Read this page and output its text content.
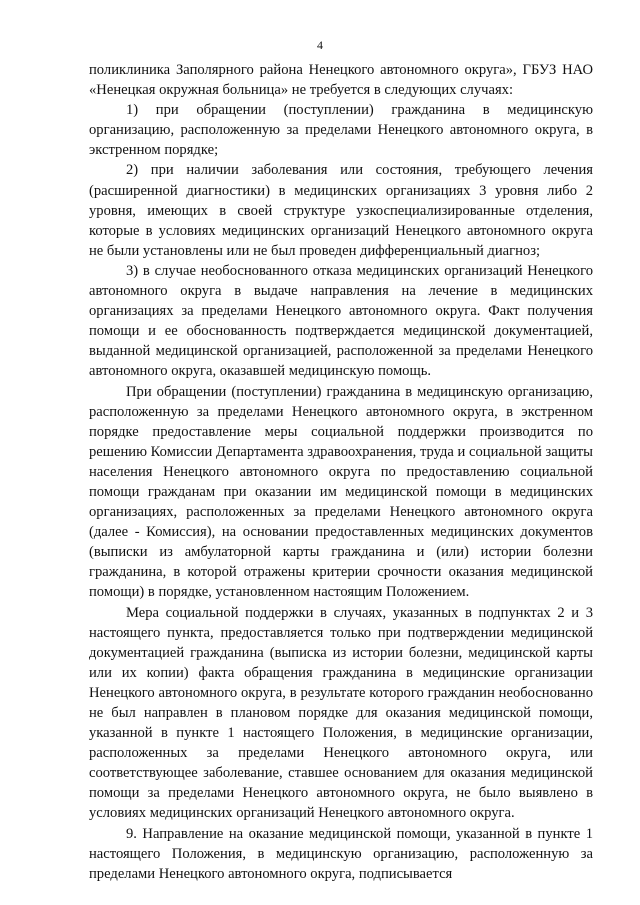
4

поликлиника Заполярного района Ненецкого автономного округа», ГБУЗ НАО «Ненецкая окружная больница» не требуется в следующих случаях:

1) при обращении (поступлении) гражданина в медицинскую организацию, расположенную за пределами Ненецкого автономного округа, в экстренном порядке;

2) при наличии заболевания или состояния, требующего лечения (расширенной диагностики) в медицинских организациях 3 уровня либо 2 уровня, имеющих в своей структуре узкоспециализированные отделения, которые в условиях медицинских организаций Ненецкого автономного округа не были установлены или не был проведен дифференциальный диагноз;

3) в случае необоснованного отказа медицинских организаций Ненецкого автономного округа в выдаче направления на лечение в медицинских организациях за пределами Ненецкого автономного округа. Факт получения помощи и ее обоснованность подтверждается медицинской документацией, выданной медицинской организацией, расположенной за пределами Ненецкого автономного округа, оказавшей медицинскую помощь.

При обращении (поступлении) гражданина в медицинскую организацию, расположенную за пределами Ненецкого автономного округа, в экстренном порядке предоставление меры социальной поддержки производится по решению Комиссии Департамента здравоохранения, труда и социальной защиты населения Ненецкого автономного округа по предоставлению социальной помощи гражданам при оказании им медицинской помощи в медицинских организациях, расположенных за пределами Ненецкого автономного округа (далее - Комиссия), на основании предоставленных медицинских документов (выписки из амбулаторной карты гражданина и (или) истории болезни гражданина, в которой отражены критерии срочности оказания медицинской помощи) в порядке, установленном настоящим Положением.

Мера социальной поддержки в случаях, указанных в подпунктах 2 и 3 настоящего пункта, предоставляется только при подтверждении медицинской документацией гражданина (выписка из истории болезни, медицинской карты или их копии) факта обращения гражданина в медицинские организации Ненецкого автономного округа, в результате которого гражданин необоснованно не был направлен в плановом порядке для оказания медицинской помощи, указанной в пункте 1 настоящего Положения, в медицинские организации, расположенных за пределами Ненецкого автономного округа, или соответствующее заболевание, ставшее основанием для оказания медицинской помощи за пределами Ненецкого автономного округа, не было выявлено в условиях медицинских организаций Ненецкого автономного округа.

9. Направление на оказание медицинской помощи, указанной в пункте 1 настоящего Положения, в медицинскую организацию, расположенную за пределами Ненецкого автономного округа, подписывается
